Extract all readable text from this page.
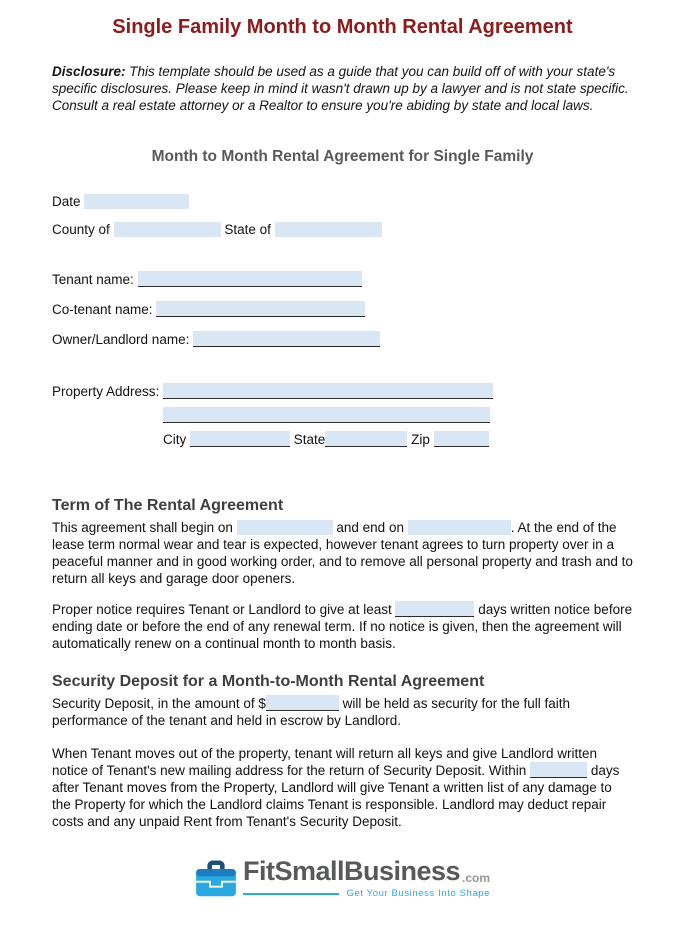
Single Family Month to Month Rental Agreement

Disclosure: This template should be used as a guide that you can build off of with your state's specific disclosures. Please keep in mind it wasn't drawn up by a lawyer and is not state specific. Consult a real estate attorney or a Realtor to ensure you're abiding by state and local laws.

Month to Month Rental Agreement for Single Family
Date
County of	State of
Tenant name:
Co-tenant name:
Owner/Landlord name:
Property Address:
City	State	Zip
Term of The Rental Agreement

This agreement shall begin on	and end on	. At the end of the lease term normal wear and tear is expected, however tenant agrees to turn property over in a peaceful manner and in good working order, and to remove all personal property and trash and to return all keys and garage door openers.

Proper notice requires Tenant or Landlord to give at least	days written notice before ending date or before the end of any renewal term. If no notice is given, then the agreement will automatically renew on a continual month to month basis.

Security Deposit for a Month-to-Month Rental Agreement

Security Deposit, in the amount of $	will be held as security for the full faith performance of the tenant and held in escrow by Landlord.

When Tenant moves out of the property, tenant will return all keys and give Landlord written notice of Tenant's new mailing address for the return of Security Deposit. Within	days after Tenant moves from the Property, Landlord will give Tenant a written list of any damage to the Property for which the Landlord claims Tenant is responsible. Landlord may deduct repair costs and any unpaid Rent from Tenant's Security Deposit.

FitSmallBusiness .com
Get Your Business Into Shape
